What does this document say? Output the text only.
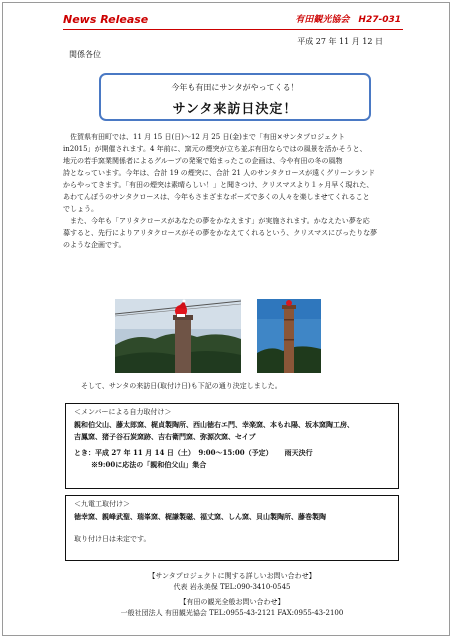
News Release	有田観光協会　H27-031
平成 27 年 11 月 12 日
関係各位
今年も有田にサンタがやってくる！
サンタ来訪日決定！

佐賀県有田町では、11 月 15 日(日)～12 月 25 日(金)まで「有田×サンタプロジェクト
in2015」が開催されます。4 年前に、窯元の煙突が立ち並ぶ有田ならではの風景を活かそうと、
地元の若手窯業関係者によるグループの発案で始まったこの企画は、今や有田の冬の風物
詩となっています。今年は、合計 19 の煙突に、合計 21 人のサンタクロースが遠くグリーンランド
からやってきます。「有田の煙突は素晴らしい！」と聞きつけ、クリスマスより１ヶ月早く現れた、
あわてんぼうのサンタクロースは、今年もさまざまなポーズで多くの人々を楽しませてくれること
でしょう。

また、今年も「アリタクロースがあなたの夢をかなえます」が実施されます。かなえたい夢を応
募すると、先行によりアリタクロースがその夢をかなえてくれるという、クリスマスにぴったりな夢
のような企画です。

そして、サンタの来訪日(取付け日)も下記の通り決定しました。
＜メンバーによる自力取付け＞
親和伯父山、藤太郎窯、梶貞製陶所、西山徳右エ門、幸楽窯、本もれ陽、坂本窯陶工房、
吉鳳窯、猪子谷石炭窯跡、吉右衛門窯、弥源次窯、セイブ
とき：平成 27 年 11 月 14 日（土）　9:00～15:00（予定） 雨天決行
※9:00に応法の「親和伯父山」集合
＜九電工取付け＞
徳幸窯、親峰武聖、瑞峯窯、梶謙製磁、福丈窯、しん窯、貝山製陶所、藤巻製陶
取り付け日は未定です。
【サンタプロジェクトに関する詳しいお問い合わせ】
代表 岩永美保 TEL:090-3410-0545
【有田の観光全般お問い合わせ】
一般社団法人 有田観光協会 TEL:0955-43-2121 FAX:0955-43-2100
